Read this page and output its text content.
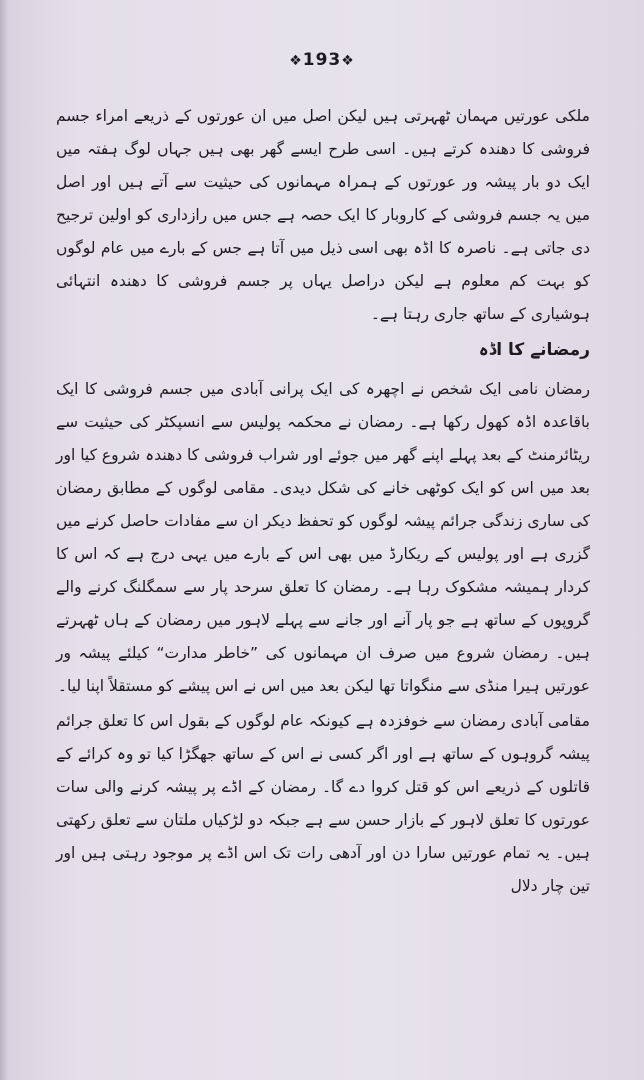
❖193❖

ملکی عورتیں مہمان ٹھہرتی ہیں لیکن اصل میں ان عورتوں کے ذریعے امراء جسم فروشی کا دھندہ کرتے ہیں۔ اسی طرح ایسے گھر بھی ہیں جہاں لوگ ہفتہ میں ایک دو بار پیشہ ور عورتوں کے ہمراہ مہمانوں کی حیثیت سے آتے ہیں اور اصل میں یہ جسم فروشی کے کاروبار کا ایک حصہ ہے جس میں رازداری کو اولین ترجیح دی جاتی ہے۔ ناصرہ کا اڈہ بھی اسی ذیل میں آتا ہے جس کے بارے میں عام لوگوں کو بہت کم معلوم ہے لیکن دراصل یہاں پر جسم فروشی کا دھندہ انتہائی ہوشیاری کے ساتھ جاری رہتا ہے۔

رمضانے کا اڈہ

رمضان نامی ایک شخص نے اچھرہ کی ایک پرانی آبادی میں جسم فروشی کا ایک باقاعدہ اڈہ کھول رکھا ہے۔ رمضان نے محکمہ پولیس سے انسپکٹر کی حیثیت سے ریٹائرمنٹ کے بعد پہلے اپنے گھر میں جوئے اور شراب فروشی کا دھندہ شروع کیا اور بعد میں اس کو ایک کوٹھی خانے کی شکل دیدی۔ مقامی لوگوں کے مطابق رمضان کی ساری زندگی جرائم پیشہ لوگوں کو تحفظ دیکر ان سے مفادات حاصل کرنے میں گزری ہے اور پولیس کے ریکارڈ میں بھی اس کے بارے میں یہی درج ہے کہ اس کا کردار ہمیشہ مشکوک رہا ہے۔ رمضان کا تعلق سرحد پار سے سمگلنگ کرنے والے گروپوں کے ساتھ ہے جو پار آنے اور جانے سے پہلے لاہور میں رمضان کے ہاں ٹھہرتے ہیں۔ رمضان شروع میں صرف ان مہمانوں کی ”خاطر مدارت“ کیلئے پیشہ ور عورتیں ہیرا منڈی سے منگواتا تھا لیکن بعد میں اس نے اس پیشے کو مستقلاً اپنا لیا۔

مقامی آبادی رمضان سے خوفزدہ ہے کیونکہ عام لوگوں کے بقول اس کا تعلق جرائم پیشہ گروہوں کے ساتھ ہے اور اگر کسی نے اس کے ساتھ جھگڑا کیا تو وہ کرائے کے قاتلوں کے ذریعے اس کو قتل کروا دے گا۔ رمضان کے اڈے پر پیشہ کرنے والی سات عورتوں کا تعلق لاہور کے بازار حسن سے ہے جبکہ دو لڑکیاں ملتان سے تعلق رکھتی ہیں۔ یہ تمام عورتیں سارا دن اور آدھی رات تک اس اڈے پر موجود رہتی ہیں اور تین چار دلال
